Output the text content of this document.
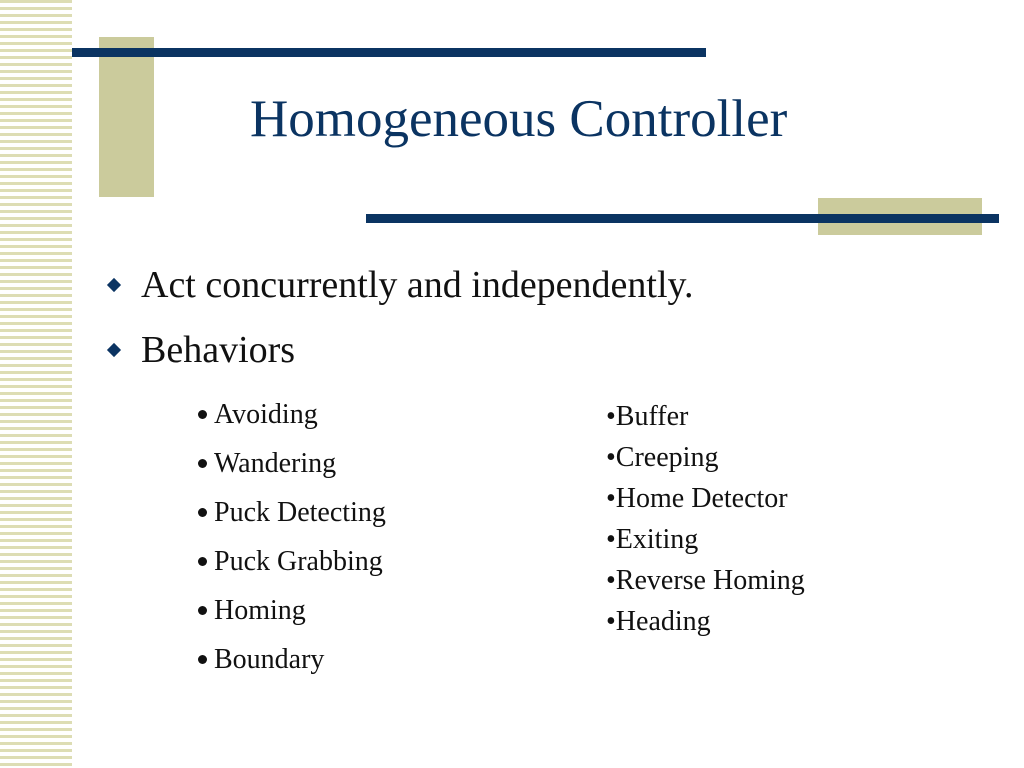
Homogeneous Controller
Act concurrently and independently.
Behaviors
Avoiding
Wandering
Puck Detecting
Puck Grabbing
Homing
Boundary
•Buffer
•Creeping
•Home Detector
•Exiting
•Reverse Homing
•Heading
